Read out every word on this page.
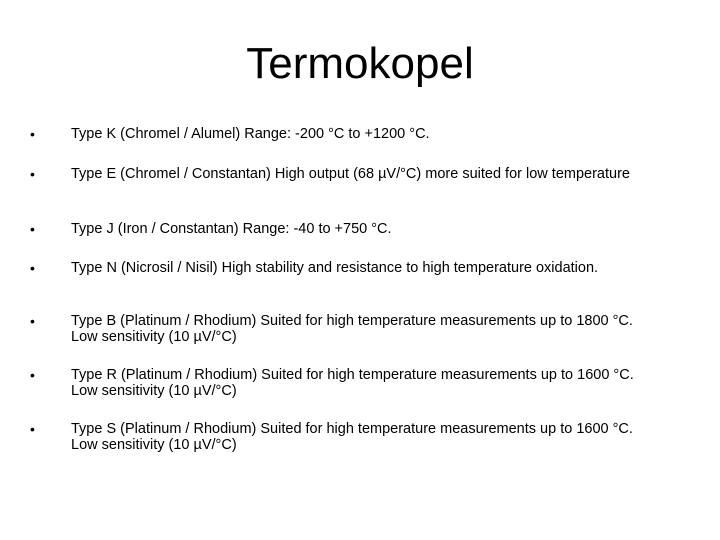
Termokopel
• Type K (Chromel / Alumel) Range: -200 °C to +1200 °C.
• Type E (Chromel / Constantan) High output (68 µV/°C) more suited for low temperature
• Type J (Iron / Constantan) Range: -40 to +750 °C.
• Type N (Nicrosil / Nisil) High stability and resistance to high temperature oxidation.
• Type B (Platinum / Rhodium) Suited for high temperature measurements up to 1800 °C. Low sensitivity (10 µV/°C)
• Type R (Platinum / Rhodium) Suited for high temperature measurements up to 1600 °C. Low sensitivity (10 µV/°C)
• Type S (Platinum / Rhodium) Suited for high temperature measurements up to 1600 °C. Low sensitivity (10 µV/°C)
